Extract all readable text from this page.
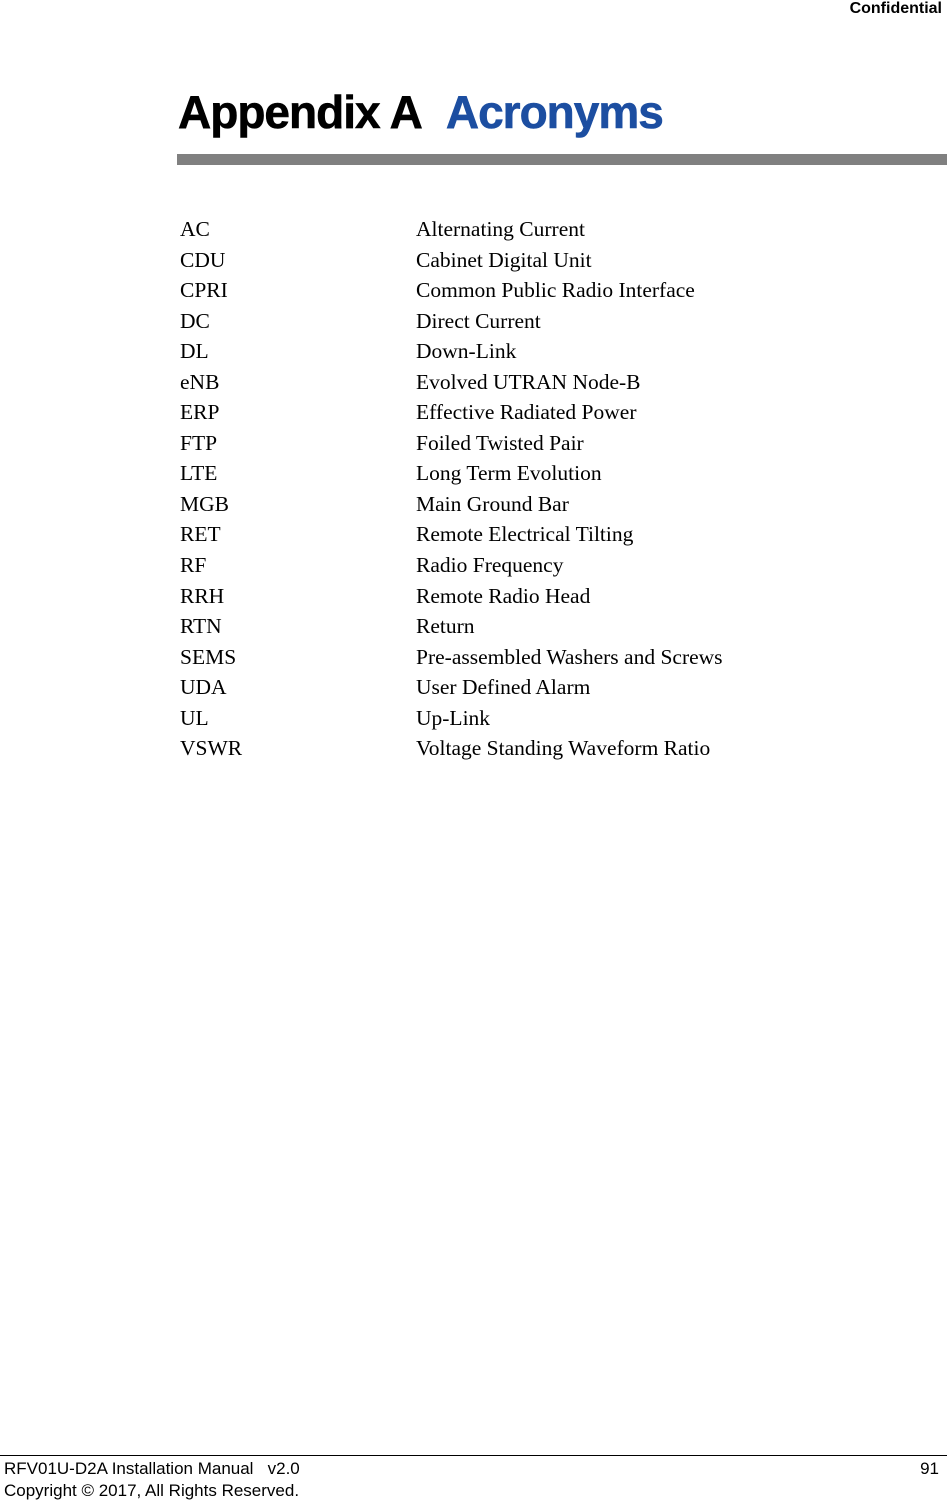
Confidential
Appendix A Acronyms
AC	Alternating Current
CDU	Cabinet Digital Unit
CPRI	Common Public Radio Interface
DC	Direct Current
DL	Down-Link
eNB	Evolved UTRAN Node-B
ERP	Effective Radiated Power
FTP	Foiled Twisted Pair
LTE	Long Term Evolution
MGB	Main Ground Bar
RET	Remote Electrical Tilting
RF	Radio Frequency
RRH	Remote Radio Head
RTN	Return
SEMS	Pre-assembled Washers and Screws
UDA	User Defined Alarm
UL	Up-Link
VSWR	Voltage Standing Waveform Ratio
RFV01U-D2A Installation Manual   v2.0
Copyright © 2017, All Rights Reserved.
91
